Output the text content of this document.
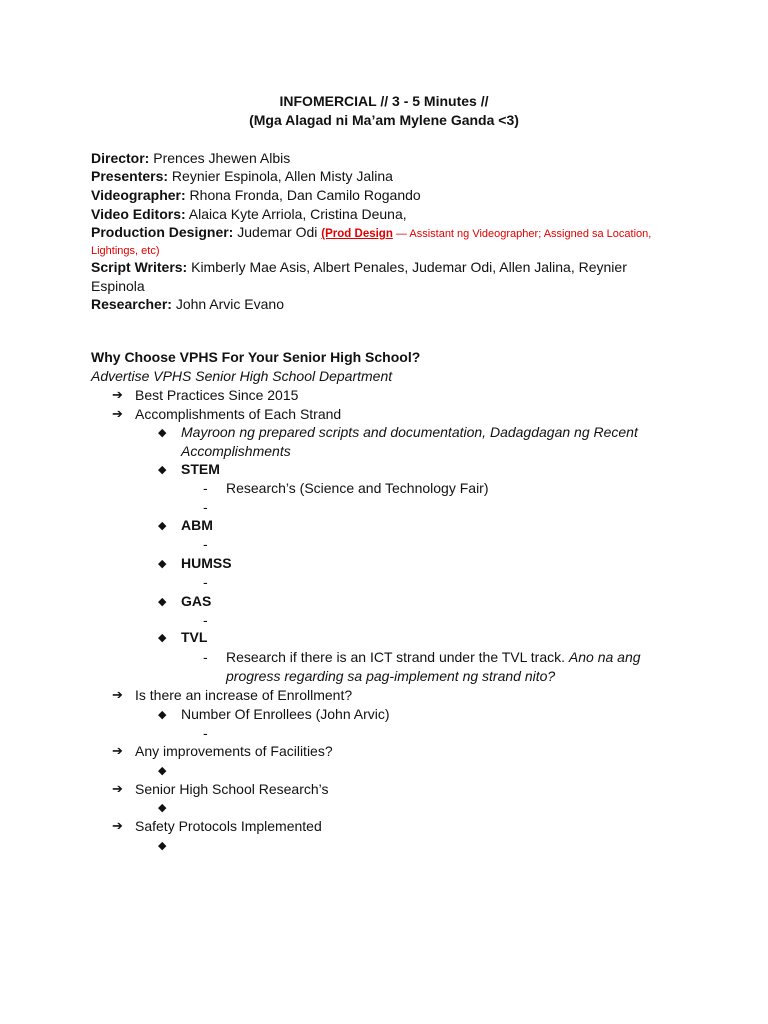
INFOMERCIAL // 3 - 5 Minutes //
(Mga Alagad ni Ma’am Mylene Ganda <3)
Director: Prences Jhewen Albis
Presenters: Reynier Espinola, Allen Misty Jalina
Videographer: Rhona Fronda, Dan Camilo Rogando
Video Editors: Alaica Kyte Arriola, Cristina Deuna,
Production Designer: Judemar Odi (Prod Design — Assistant ng Videographer; Assigned sa Location,
Lightings, etc)
Script Writers: Kimberly Mae Asis, Albert Penales, Judemar Odi, Allen Jalina, Reynier
Espinola
Researcher: John Arvic Evano
Why Choose VPHS For Your Senior High School?
Advertise VPHS Senior High School Department
➔ Best Practices Since 2015
➔ Accomplishments of Each Strand
◆ Mayroon ng prepared scripts and documentation, Dadagdagan ng Recent
Accomplishments
◆ STEM
- Research’s (Science and Technology Fair)
-
◆ ABM
-
◆ HUMSS
-
◆ GAS
-
◆ TVL
- Research if there is an ICT strand under the TVL track. Ano na ang
progress regarding sa pag-implement ng strand nito?
➔ Is there an increase of Enrollment?
◆ Number Of Enrollees (John Arvic)
-
➔ Any improvements of Facilities?
◆
➔ Senior High School Research’s
◆
➔ Safety Protocols Implemented
◆
